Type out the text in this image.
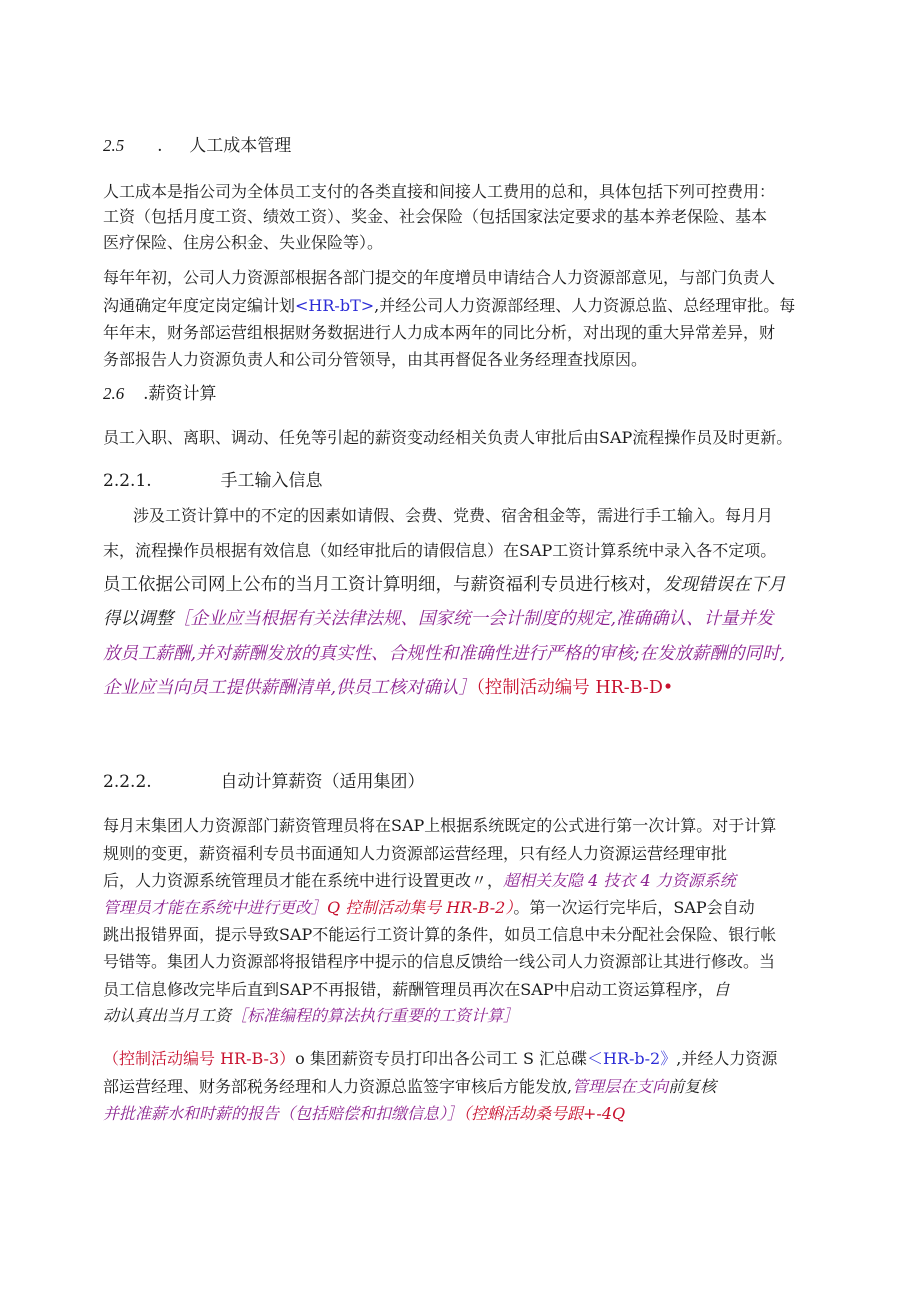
2.5 . 人工成本管理
人工成本是指公司为全体员工支付的各类直接和间接人工费用的总和，具体包括下列可控费用：
工资（包括月度工资、绩效工资）、奖金、社会保险（包括国家法定要求的基本养老保险、基本
医疗保险、住房公积金、失业保险等）。
每年年初，公司人力资源部根据各部门提交的年度增员申请结合人力资源部意见，与部门负责人
沟通确定年度定岗定编计划<HR-bT>,并经公司人力资源部经理、人力资源总监、总经理审批。每
年年末，财务部运营组根据财务数据进行人力成本两年的同比分析，对出现的重大异常差异，财
务部报告人力资源负责人和公司分管领导，由其再督促各业务经理查找原因。
2.6 .薪资计算
员工入职、离职、调动、任免等引起的薪资变动经相关负责人审批后由SAP流程操作员及时更新。
2.2.1.	手工输入信息
涉及工资计算中的不定的因素如请假、会费、党费、宿舍租金等，需进行手工输入。每月月
末，流程操作员根据有效信息（如经审批后的请假信息）在SAP工资计算系统中录入各不定项。
员工依据公司网上公布的当月工资计算明细，与薪资福利专员进行核对，发现错误在下月
得以调整［企业应当根据有关法律法规、国家统一会计制度的规定,准确确认、计量并发
放员工薪酬,并对薪酬发放的真实性、合规性和准确性进行严格的审核;在发放薪酬的同时,
企业应当向员工提供薪酬清单,供员工核对确认］（控制活动编号 HR-B-D•
2.2.2.	自动计算薪资（适用集团）
每月末集团人力资源部门薪资管理员将在SAP上根据系统既定的公式进行第一次计算。对于计算
规则的变更，薪资福利专员书面通知人力资源部运营经理，只有经人力资源运营经理审批
后，人力资源系统管理员才能在系统中进行设置更改〃，超相关友隐 4 技衣 4 力资源系统
管理员才能在系统中进行更改］Q 控制活动集号 HR-B-2）。第一次运行完毕后，SAP会自动
跳出报错界面，提示导致SAP不能运行工资计算的条件，如员工信息中未分配社会保险、银行帐
号错等。集团人力资源部将报错程序中提示的信息反馈给一线公司人力资源部让其进行修改。当
员工信息修改完毕后直到SAP不再报错，薪酬管理员再次在SAP中启动工资运算程序，自
动认真出当月工资［标准编程的算法执行重要的工资计算］
（控制活动编号 HR-B-3）o 集团薪资专员打印出各公司工 S 汇总碟＜HR-b-2》,并经人力资源
部运营经理、财务部税务经理和人力资源总监签字审核后方能发放,管理层在支向前复核
并批准薪水和时薪的报告（包括赔偿和扣缴信息）］（控蝌活劫桑号跟+-4Q
